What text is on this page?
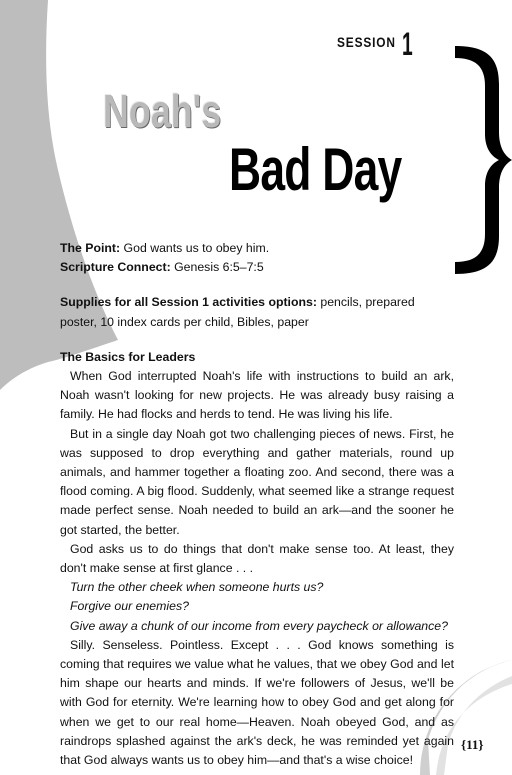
SESSION 1
Noah's
Bad Day

The Point: God wants us to obey him.

Scripture Connect: Genesis 6:5–7:5

Supplies for all Session 1 activities options: pencils, prepared poster, 10 index cards per child, Bibles, paper

The Basics for Leaders

When God interrupted Noah's life with instructions to build an ark, Noah wasn't looking for new projects. He was already busy raising a family. He had flocks and herds to tend. He was living his life.

But in a single day Noah got two challenging pieces of news. First, he was supposed to drop everything and gather materials, round up animals, and hammer together a floating zoo. And second, there was a flood coming. A big flood. Suddenly, what seemed like a strange request made perfect sense. Noah needed to build an ark—and the sooner he got started, the better.

God asks us to do things that don't make sense too. At least, they don't make sense at first glance . . .

Turn the other cheek when someone hurts us?

Forgive our enemies?

Give away a chunk of our income from every paycheck or allowance?

Silly. Senseless. Pointless. Except . . . God knows something is coming that requires we value what he values, that we obey God and let him shape our hearts and minds. If we're followers of Jesus, we'll be with God for eternity. We're learning how to obey God and get along for when we get to our real home—Heaven. Noah obeyed God, and as raindrops splashed against the ark's deck, he was reminded yet again that God always wants us to obey him—and that's a wise choice!

{11}
